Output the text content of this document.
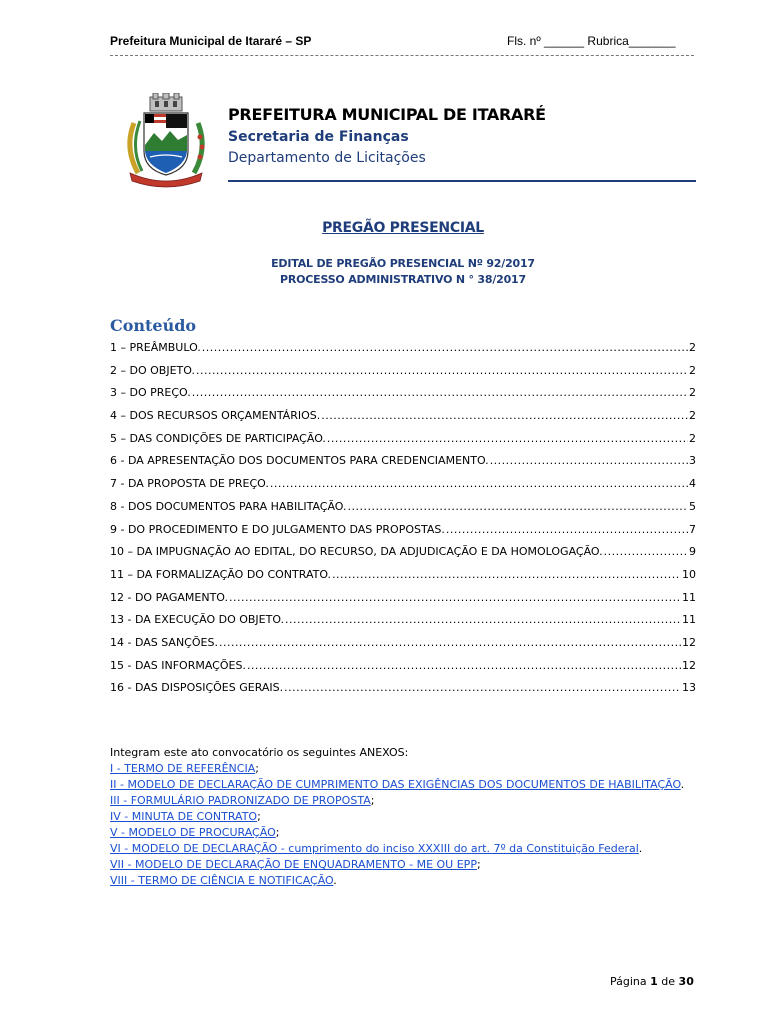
Prefeitura Municipal de Itararé – SP	Fls. nº ______ Rubrica_______
PREFEITURA MUNICIPAL DE ITARARÉ
Secretaria de Finanças
Departamento de Licitações
PREGÃO PRESENCIAL
EDITAL DE PREGÃO PRESENCIAL Nº 92/2017
PROCESSO ADMINISTRATIVO N ° 38/2017
Conteúdo
1 – PREÂMBULO. .....	2
2 – DO OBJETO. .....	2
3 – DO PREÇO. .....	2
4 – DOS RECURSOS ORÇAMENTÁRIOS. .....	2
5 – DAS CONDIÇÕES DE PARTICIPAÇÃO. .....	2
6 - DA APRESENTAÇÃO DOS DOCUMENTOS PARA CREDENCIAMENTO. .....	3
7 - DA PROPOSTA DE PREÇO. .....	4
8 - DOS DOCUMENTOS PARA HABILITAÇÃO. .....	5
9 - DO PROCEDIMENTO E DO JULGAMENTO DAS PROPOSTAS. .....	7
10 – DA IMPUGNAÇÃO AO EDITAL, DO RECURSO, DA ADJUDICAÇÃO E DA HOMOLOGAÇÃO. .....	9
11 – DA FORMALIZAÇÃO DO CONTRATO. .....	10
12 - DO PAGAMENTO. .....	11
13 - DA EXECUÇÃO DO OBJETO. .....	11
14 - DAS SANÇÕES. .....	12
15 - DAS INFORMAÇÕES. .....	12
16 - DAS DISPOSIÇÕES GERAIS. .....	13
Integram este ato convocatório os seguintes ANEXOS:
I - TERMO DE REFERÊNCIA;
II - MODELO DE DECLARAÇÃO DE CUMPRIMENTO DAS EXIGÊNCIAS DOS DOCUMENTOS DE HABILITAÇÃO.
III - FORMULÁRIO PADRONIZADO DE PROPOSTA;
IV - MINUTA DE CONTRATO;
V - MODELO DE PROCURAÇÃO;
VI - MODELO DE DECLARAÇÃO - cumprimento do inciso XXXIII do art. 7º da Constituição Federal.
VII - MODELO DE DECLARAÇÃO DE ENQUADRAMENTO - ME OU EPP;
VIII - TERMO DE CIÊNCIA E NOTIFICAÇÃO.
Página 1 de 30
